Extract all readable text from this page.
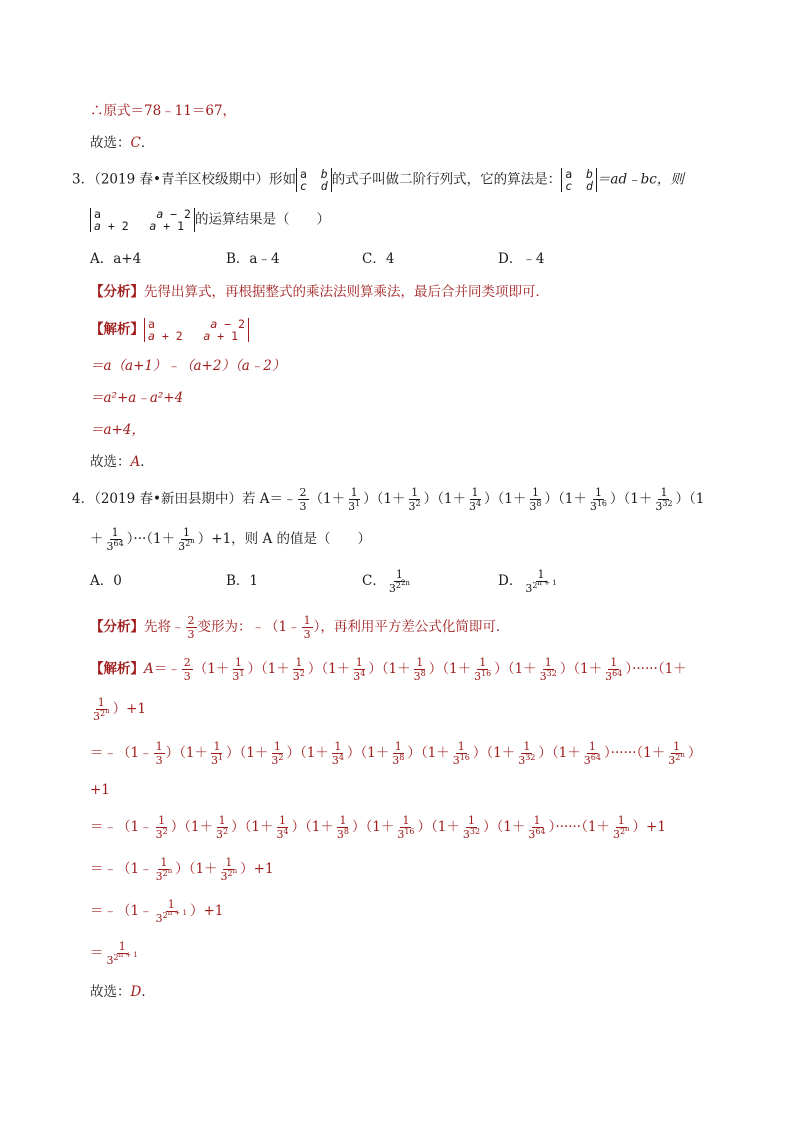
∴原式＝78﹣11＝67，
故选：C．
3．（2019 春•青羊区校级期中）形如 a  b
c d 的式子叫做二阶行列式，它的算法是： a  b
c d ＝ad﹣bc，则
a        a − 2
a + 2   a + 1 的运算结果是（　　）
A．a+4	B．a﹣4	C．4	D．﹣4
【分析】先得出算式，再根据整式的乘法法则算乘法，最后合并同类项即可．
【解析】 a        a − 2
a + 2   a + 1
＝a（a+1）﹣（a+2）（a﹣2）
＝a²+a﹣a²+4
＝a+4，
故选：A．
4．（2019 春•新田县期中）若 A＝﹣ $\frac{2}{3} (1+ \frac{1}{3^1} )(1+ \frac{1}{3^2} )(1+ \frac{1}{3^4} )(1+ \frac{1}{3^8} )(1+ \frac{1}{3^{16}} )(1+ \frac{1}{3^{32}} )(1$
＋ $\frac{1}{3^{64}} )\cdot\cdot\cdot(1+ \frac{1}{3^{2n}} )+1$，则 A 的值是（　　）
A．0	B．1	C． $\frac{1}{3^{22n}}$	D． $\frac{1}{3^{2n + 1}}$
【分析】先将﹣ $\frac{2}{3}$ 变形为：﹣（1﹣ $\frac{1}{3}$ ），再利用平方差公式化简即可．
【解析】A＝﹣ $\frac{2}{3} (1+ \frac{1}{3^1} )(1+ \frac{1}{3^2} )(1+ \frac{1}{3^4} )(1+ \frac{1}{3^8} )(1+ \frac{1}{3^{16}} )(1+ \frac{1}{3^{32}} )(1+ \frac{1}{3^{64}} )\cdot\cdot\cdot\cdot\cdot\cdot(1+$
$\frac{1}{3^{2n}} )+1$
＝﹣（1﹣ $\frac{1}{3} )(1+ \frac{1}{3^1} )(1+ \frac{1}{3^2} )(1+ \frac{1}{3^4} )(1+ \frac{1}{3^8} )(1+ \frac{1}{3^{16}} )(1+ \frac{1}{3^{32}} )(1+ \frac{1}{3^{64}} )\cdot\cdot\cdot\cdot\cdot\cdot(1+ \frac{1}{3^{2n}}$ ）
+1
＝﹣（1﹣ $\frac{1}{3^2} )(1+ \frac{1}{3^2} )(1+ \frac{1}{3^4} )(1+ \frac{1}{3^8} )(1+ \frac{1}{3^{16}} )(1+ \frac{1}{3^{32}} )(1+ \frac{1}{3^{64}} )\cdot\cdot\cdot\cdot\cdot\cdot(1+ \frac{1}{3^{2n}} )+1$
＝﹣（1﹣ $\frac{1}{3^{2n}} )(1+ \frac{1}{3^{2n}} )+1$
＝﹣（1﹣ $\frac{1}{3^{2n + 1}} )+1$
＝ $\frac{1}{3^{2n + 1}}$
故选：D．
